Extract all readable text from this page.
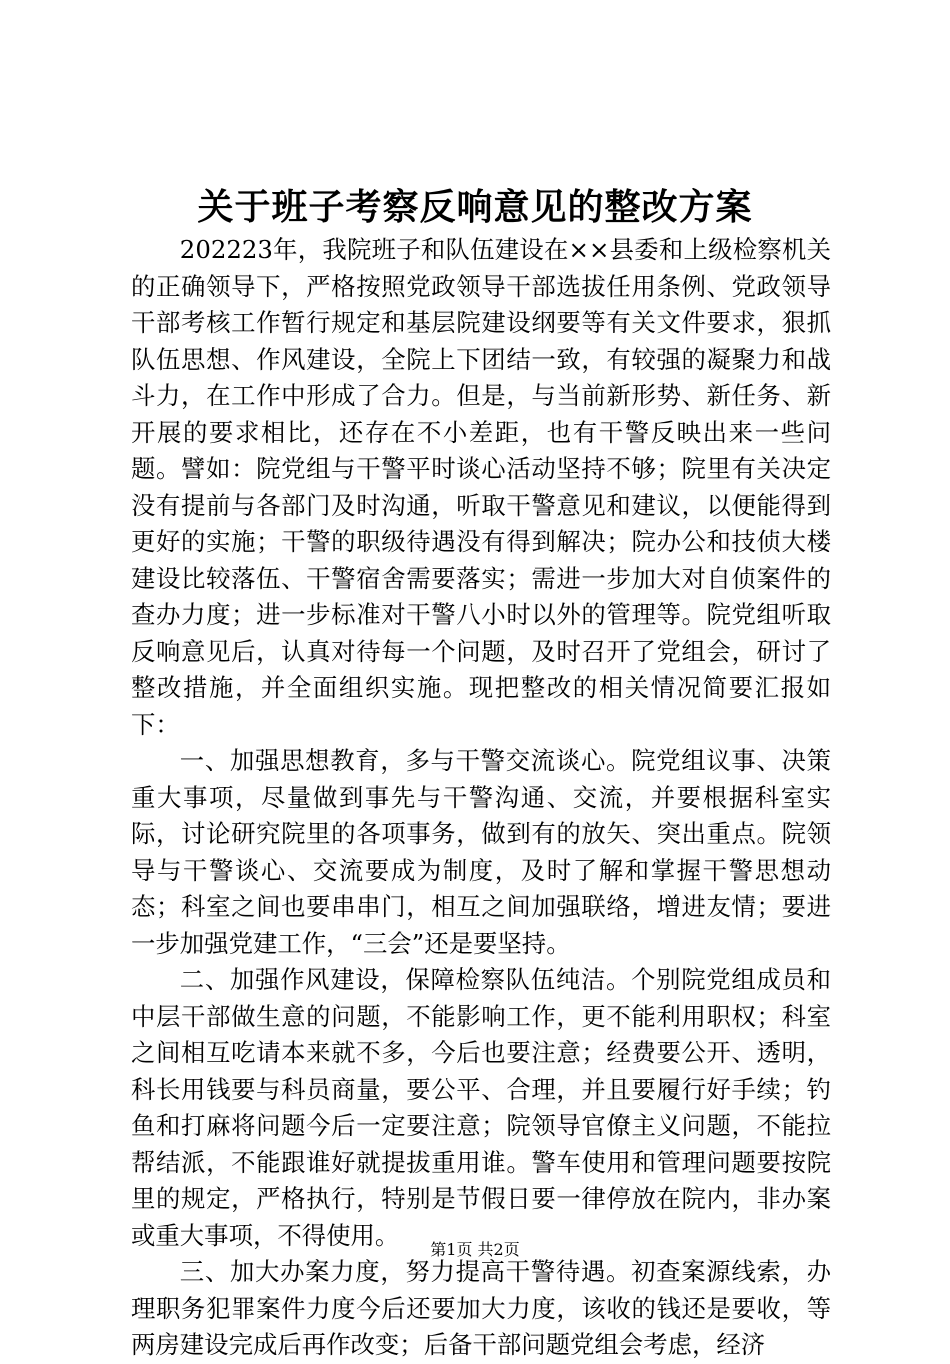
关于班子考察反响意见的整改方案

202223年，我院班子和队伍建设在××县委和上级检察机关的正确领导下，严格按照党政领导干部选拔任用条例、党政领导干部考核工作暂行规定和基层院建设纲要等有关文件要求，狠抓队伍思想、作风建设，全院上下团结一致，有较强的凝聚力和战斗力，在工作中形成了合力。但是，与当前新形势、新任务、新开展的要求相比，还存在不小差距，也有干警反映出来一些问题。譬如：院党组与干警平时谈心活动坚持不够；院里有关决定没有提前与各部门及时沟通，听取干警意见和建议，以便能得到更好的实施；干警的职级待遇没有得到解决；院办公和技侦大楼建设比较落伍、干警宿舍需要落实；需进一步加大对自侦案件的查办力度；进一步标准对干警八小时以外的管理等。院党组听取反响意见后，认真对待每一个问题，及时召开了党组会，研讨了整改措施，并全面组织实施。现把整改的相关情况简要汇报如下：

一、加强思想教育，多与干警交流谈心。院党组议事、决策重大事项，尽量做到事先与干警沟通、交流，并要根据科室实际，讨论研究院里的各项事务，做到有的放矢、突出重点。院领导与干警谈心、交流要成为制度，及时了解和掌握干警思想动态；科室之间也要串串门，相互之间加强联络，增进友情；要进一步加强党建工作，“三会”还是要坚持。

二、加强作风建设，保障检察队伍纯洁。个别院党组成员和中层干部做生意的问题，不能影响工作，更不能利用职权；科室之间相互吃请本来就不多，今后也要注意；经费要公开、透明，科长用钱要与科员商量，要公平、合理，并且要履行好手续；钓鱼和打麻将问题今后一定要注意；院领导官僚主义问题，不能拉帮结派，不能跟谁好就提拔重用谁。警车使用和管理问题要按院里的规定，严格执行，特别是节假日要一律停放在院内，非办案或重大事项，不得使用。

三、加大办案力度，努力提高干警待遇。初查案源线索，办理职务犯罪案件力度今后还要加大力度，该收的钱还是要收，等两房建设完成后再作改变；后备干部问题党组会考虑，经济

第1页 共2页
